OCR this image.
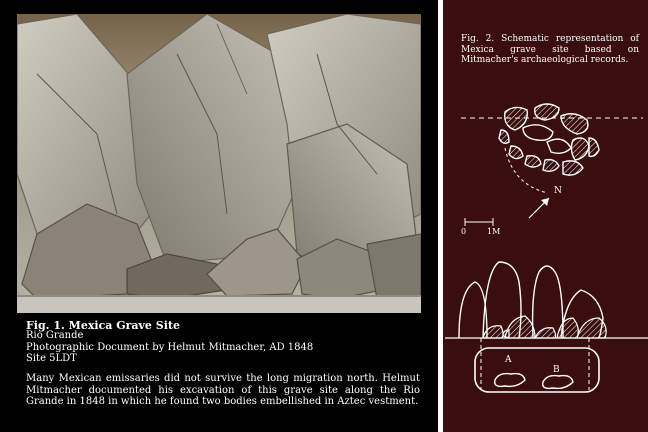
Fig. 1. Mexica Grave Site
Rio Grande
Photographic Document by Helmut Mitmacher, AD 1848
Site 5LDT
Many Mexican emissaries did not survive the long migration north. Helmut Mitmacher documented his excavation of this grave site along the Rio Grande in 1848 in which he found two bodies embellished in Aztec vestment.
Fig. 2. Schematic representation of Mexica grave site based on Mitmacher's archaeological records.
N
0	1M
A
B
